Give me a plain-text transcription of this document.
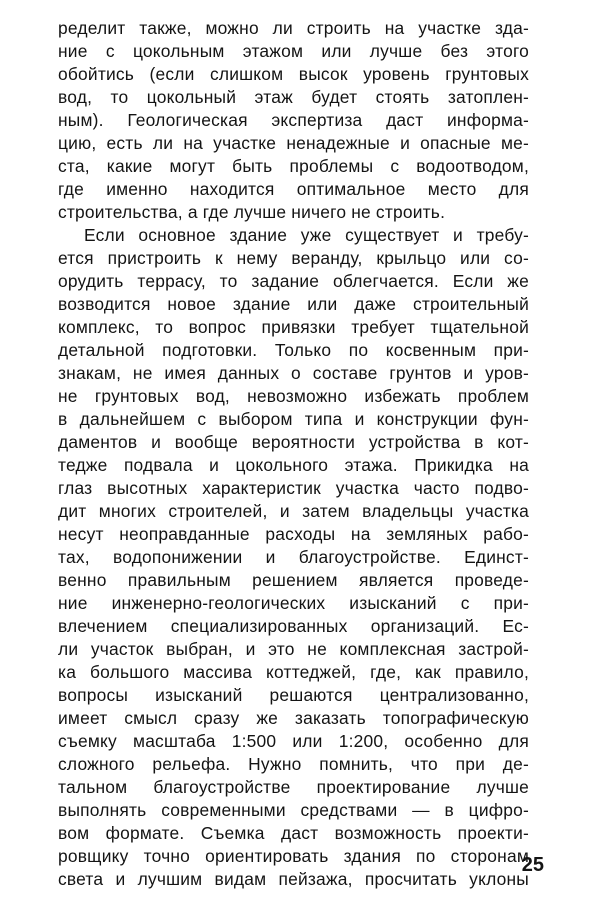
ределит также, можно ли строить на участке зда-
ние с цокольным этажом или лучше без этого
обойтись (если слишком высок уровень грунтовых
вод, то цокольный этаж будет стоять затоплен-
ным). Геологическая экспертиза даст информа-
цию, есть ли на участке ненадежные и опасные ме-
ста, какие могут быть проблемы с водоотводом,
где именно находится оптимальное место для
строительства, а где лучше ничего не строить.
Если основное здание уже существует и требу-
ется пристроить к нему веранду, крыльцо или со-
орудить террасу, то задание облегчается. Если же
возводится новое здание или даже строительный
комплекс, то вопрос привязки требует тщательной
детальной подготовки. Только по косвенным при-
знакам, не имея данных о составе грунтов и уров-
не грунтовых вод, невозможно избежать проблем
в дальнейшем с выбором типа и конструкции фун-
даментов и вообще вероятности устройства в кот-
тедже подвала и цокольного этажа. Прикидка на
глаз высотных характеристик участка часто подво-
дит многих строителей, и затем владельцы участка
несут неоправданные расходы на земляных рабо-
тах, водопонижении и благоустройстве. Единст-
венно правильным решением является проведе-
ние инженерно-геологических изысканий с при-
влечением специализированных организаций. Ес-
ли участок выбран, и это не комплексная застрой-
ка большого массива коттеджей, где, как правило,
вопросы изысканий решаются централизованно,
имеет смысл сразу же заказать топографическую
съемку масштаба 1:500 или 1:200, особенно для
сложного рельефа. Нужно помнить, что при де-
тальном благоустройстве проектирование лучше
выполнять современными средствами — в цифро-
вом формате. Съемка даст возможность проекти-
ровщику точно ориентировать здания по сторонам
света и лучшим видам пейзажа, просчитать уклоны
25
